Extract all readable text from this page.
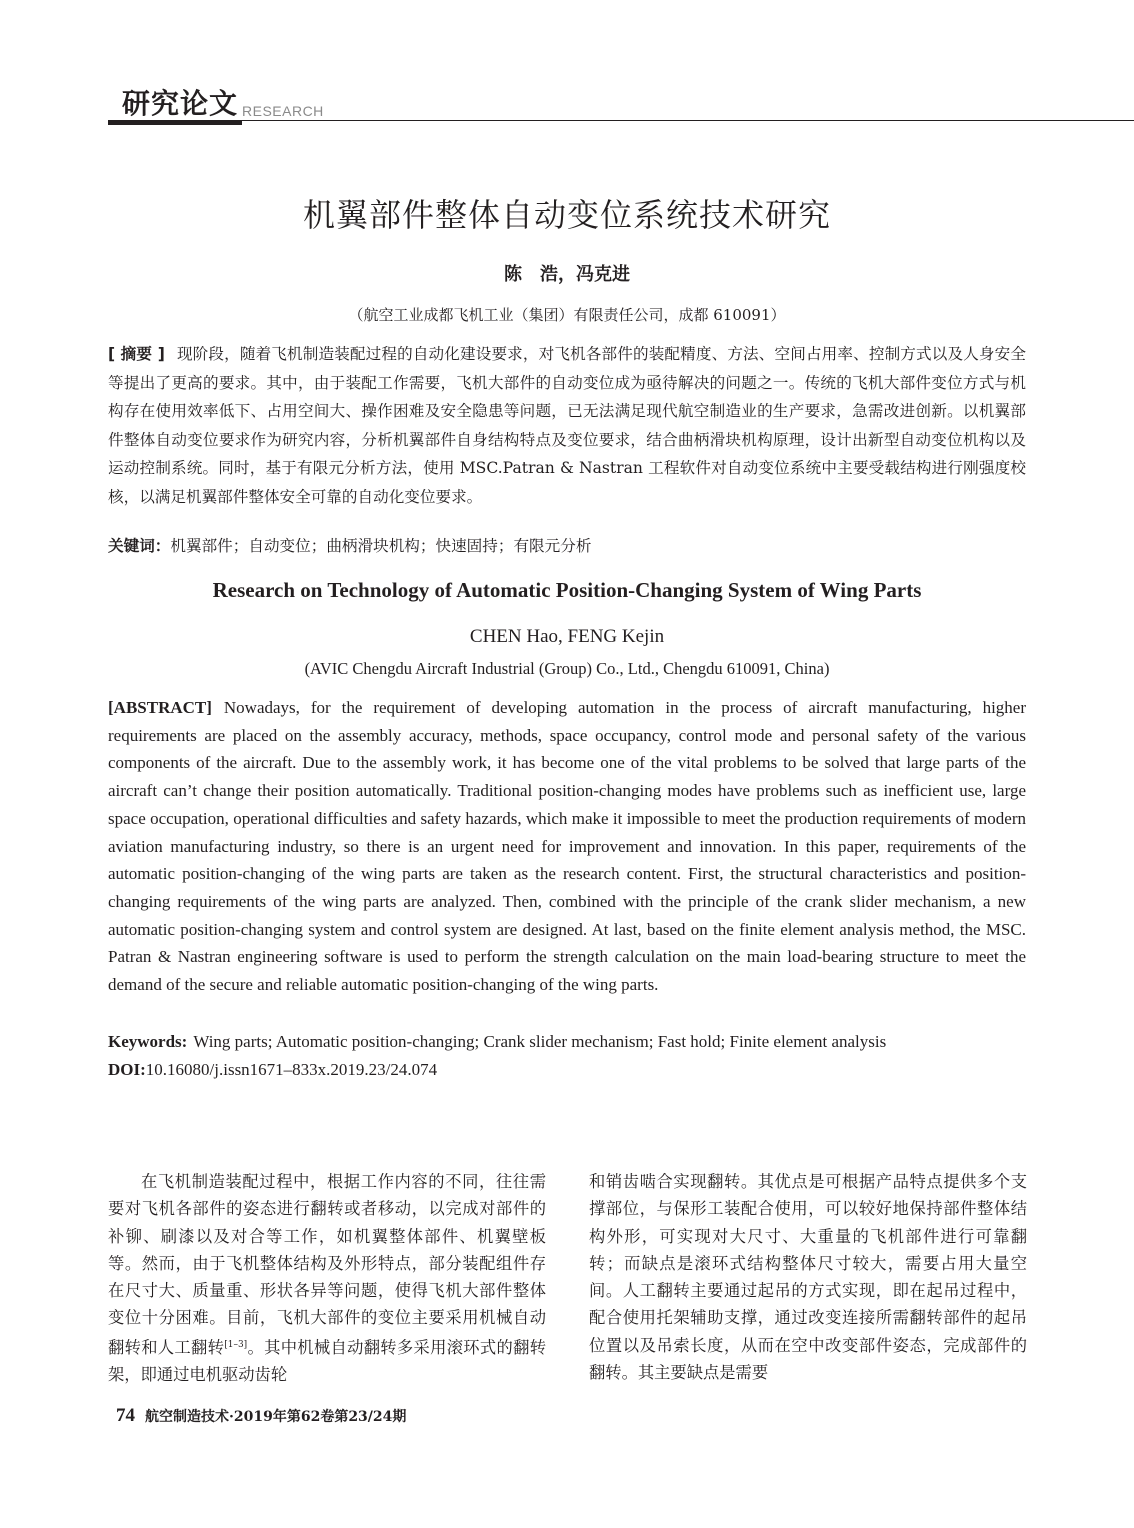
研究论文 RESEARCH
机翼部件整体自动变位系统技术研究
陈　浩，冯克进
（航空工业成都飞机工业（集团）有限责任公司，成都 610091）
[ 摘要 ] 现阶段，随着飞机制造装配过程的自动化建设要求，对飞机各部件的装配精度、方法、空间占用率、控制方式以及人身安全等提出了更高的要求。其中，由于装配工作需要，飞机大部件的自动变位成为亟待解决的问题之一。传统的飞机大部件变位方式与机构存在使用效率低下、占用空间大、操作困难及安全隐患等问题，已无法满足现代航空制造业的生产要求，急需改进创新。以机翼部件整体自动变位要求作为研究内容，分析机翼部件自身结构特点及变位要求，结合曲柄滑块机构原理，设计出新型自动变位机构以及运动控制系统。同时，基于有限元分析方法，使用 MSC.Patran & Nastran 工程软件对自动变位系统中主要受载结构进行刚强度校核，以满足机翼部件整体安全可靠的自动化变位要求。
关键词：机翼部件；自动变位；曲柄滑块机构；快速固持；有限元分析
Research on Technology of Automatic Position-Changing System of Wing Parts
CHEN Hao, FENG Kejin
(AVIC Chengdu Aircraft Industrial (Group) Co., Ltd., Chengdu 610091, China)
[ABSTRACT] Nowadays, for the requirement of developing automation in the process of aircraft manufacturing, higher requirements are placed on the assembly accuracy, methods, space occupancy, control mode and personal safety of the various components of the aircraft. Due to the assembly work, it has become one of the vital problems to be solved that large parts of the aircraft can’t change their position automatically. Traditional position-changing modes have problems such as inefficient use, large space occupation, operational difficulties and safety hazards, which make it impossible to meet the production requirements of modern aviation manufacturing industry, so there is an urgent need for improvement and innovation. In this paper, requirements of the automatic position-changing of the wing parts are taken as the research content. First, the structural characteristics and position-changing requirements of the wing parts are analyzed. Then, combined with the principle of the crank slider mechanism, a new automatic position-changing system and control system are designed. At last, based on the finite element analysis method, the MSC. Patran & Nastran engineering software is used to perform the strength calculation on the main load-bearing structure to meet the demand of the secure and reliable automatic position-changing of the wing parts.
Keywords: Wing parts; Automatic position-changing; Crank slider mechanism; Fast hold; Finite element analysis
DOI:10.16080/j.issn1671–833x.2019.23/24.074
在飞机制造装配过程中，根据工作内容的不同，往往需要对飞机各部件的姿态进行翻转或者移动，以完成对部件的补铆、刷漆以及对合等工作，如机翼整体部件、机翼壁板等。然而，由于飞机整体结构及外形特点，部分装配组件存在尺寸大、质量重、形状各异等问题，使得飞机大部件整体变位十分困难。目前，飞机大部件的变位主要采用机械自动翻转和人工翻转[1–3]。其中机械自动翻转多采用滚环式的翻转架，即通过电机驱动齿轮
和销齿啮合实现翻转。其优点是可根据产品特点提供多个支撑部位，与保形工装配合使用，可以较好地保持部件整体结构外形，可实现对大尺寸、大重量的飞机部件进行可靠翻转；而缺点是滚环式结构整体尺寸较大，需要占用大量空间。人工翻转主要通过起吊的方式实现，即在起吊过程中，配合使用托架辅助支撑，通过改变连接所需翻转部件的起吊位置以及吊索长度，从而在空中改变部件姿态，完成部件的翻转。其主要缺点是需要
74 航空制造技术·2019年第62卷第23/24期
